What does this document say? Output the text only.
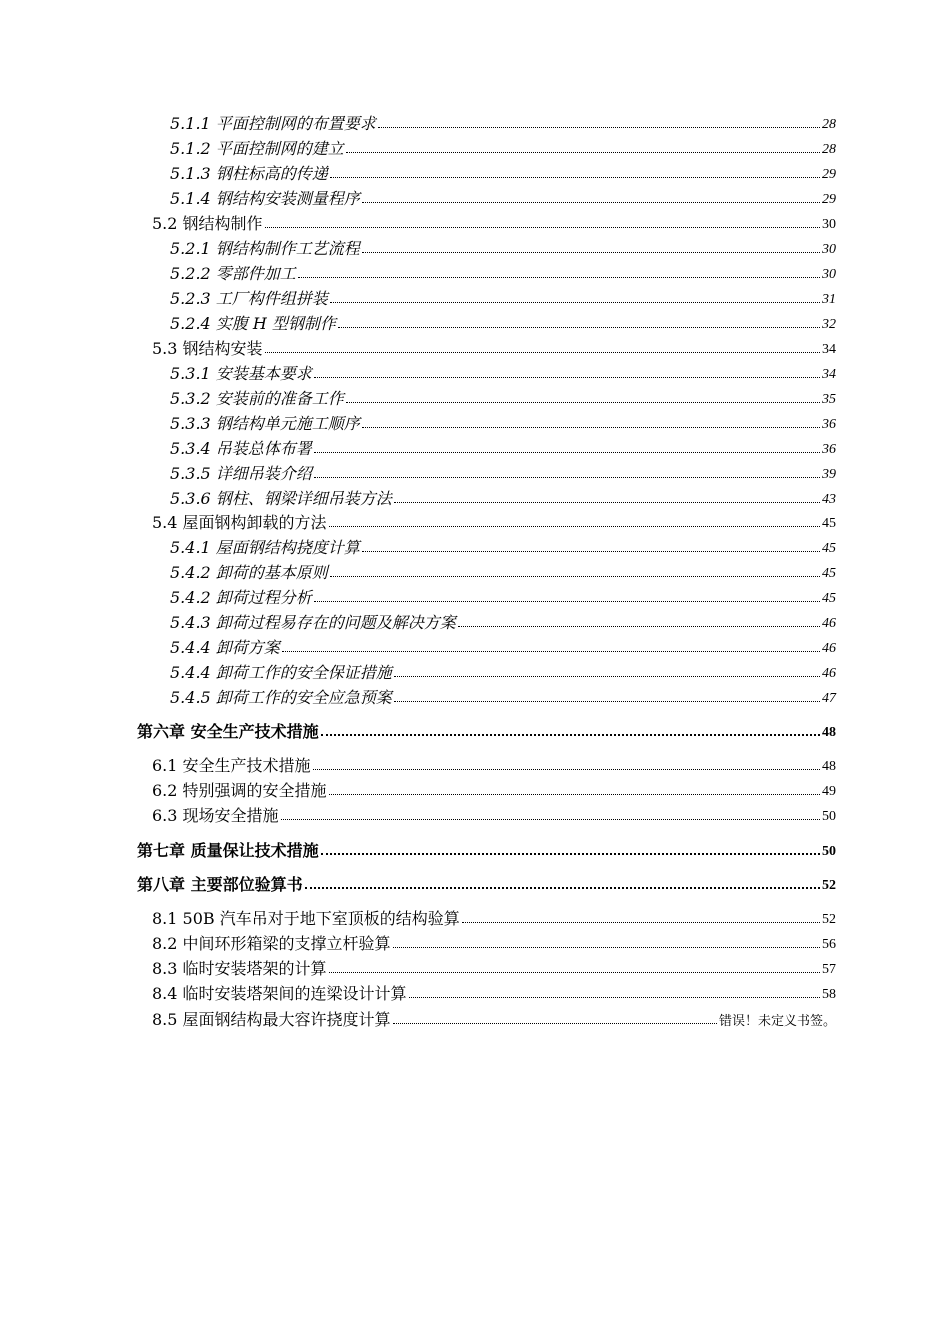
5.1.1 平面控制网的布置要求	28
5.1.2 平面控制网的建立	28
5.1.3 钢柱标高的传递	29
5.1.4 钢结构安装测量程序	29
5.2 钢结构制作	30
5.2.1 钢结构制作工艺流程	30
5.2.2 零部件加工	30
5.2.3 工厂构件组拼装	31
5.2.4 实腹 H 型钢制作	32
5.3 钢结构安装	34
5.3.1 安装基本要求	34
5.3.2 安装前的准备工作	35
5.3.3 钢结构单元施工顺序	36
5.3.4 吊装总体布署	36
5.3.5 详细吊装介绍	39
5.3.6 钢柱、钢梁详细吊装方法	43
5.4 屋面钢构卸载的方法	45
5.4.1 屋面钢结构挠度计算	45
5.4.2 卸荷的基本原则	45
5.4.2 卸荷过程分析	45
5.4.3 卸荷过程易存在的问题及解决方案	46
5.4.4 卸荷方案	46
5.4.4 卸荷工作的安全保证措施	46
5.4.5 卸荷工作的安全应急预案	47
第六章 安全生产技术措施	48
6.1 安全生产技术措施	48
6.2 特别强调的安全措施	49
6.3 现场安全措施	50
第七章 质量保让技术措施	50
第八章 主要部位验算书	52
8.1 50B 汽车吊对于地下室顶板的结构验算	52
8.2 中间环形箱梁的支撑立杆验算	56
8.3 临时安装塔架的计算	57
8.4 临时安装塔架间的连梁设计计算	58
8.5 屋面钢结构最大容许挠度计算	错误！未定义书签。
